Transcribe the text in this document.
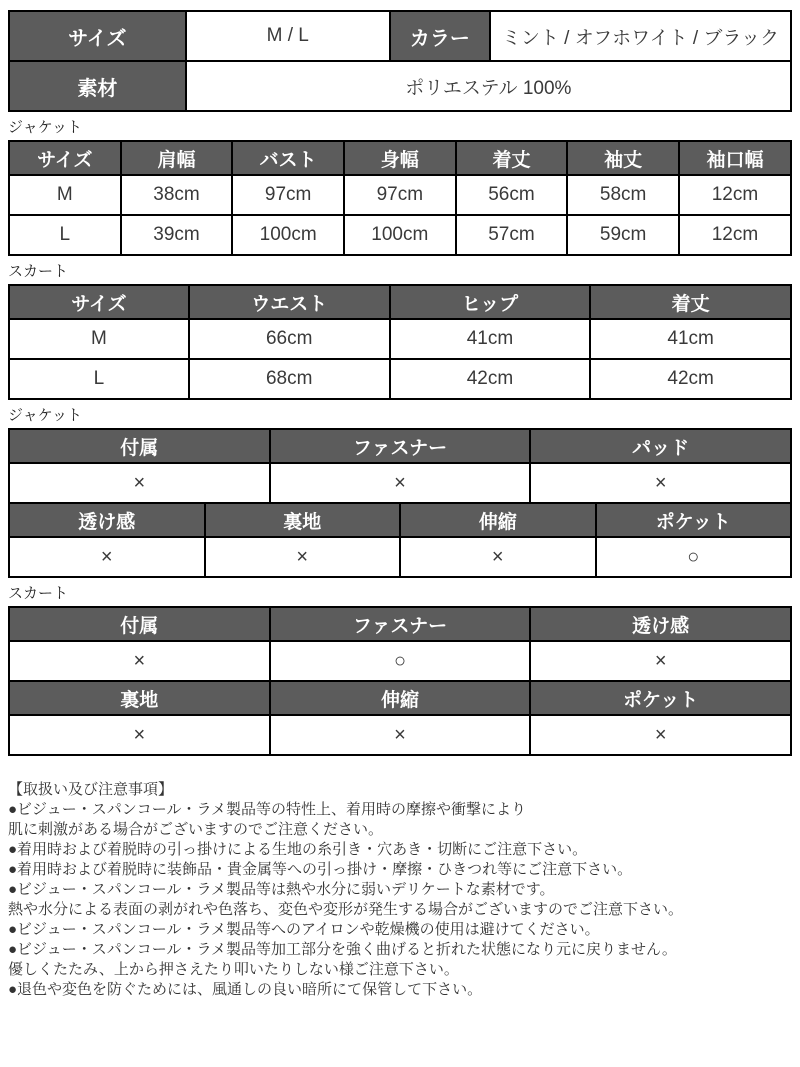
サイズ	M / L	カラー	ミント / オフホワイト / ブラック
素材	ポリエステル 100%		
ジャケット
サイズ	肩幅	バスト	身幅	着丈	袖丈	袖口幅
M	38cm	97cm	97cm	56cm	58cm	12cm
L	39cm	100cm	100cm	57cm	59cm	12cm
スカート
サイズ	ウエスト	ヒップ	着丈
M	66cm	41cm	41cm
L	68cm	42cm	42cm
ジャケット
付属	ファスナー	パッド
×	×	×
透け感	裏地	伸縮	ポケット
×	×	×	○
スカート
付属	ファスナー	透け感
×	○	×
裏地	伸縮	ポケット
×	×	×
【取扱い及び注意事項】
●ビジュー・スパンコール・ラメ製品等の特性上、着用時の摩擦や衝撃により
肌に刺激がある場合がございますのでご注意ください。
●着用時および着脱時の引っ掛けによる生地の糸引き・穴あき・切断にご注意下さい。
●着用時および着脱時に装飾品・貴金属等への引っ掛け・摩擦・ひきつれ等にご注意下さい。
●ビジュー・スパンコール・ラメ製品等は熱や水分に弱いデリケートな素材です。
熱や水分による表面の剥がれや色落ち、変色や変形が発生する場合がございますのでご注意下さい。
●ビジュー・スパンコール・ラメ製品等へのアイロンや乾燥機の使用は避けてください。
●ビジュー・スパンコール・ラメ製品等加工部分を強く曲げると折れた状態になり元に戻りません。
優しくたたみ、上から押さえたり叩いたりしない様ご注意下さい。
●退色や変色を防ぐためには、風通しの良い暗所にて保管して下さい。
